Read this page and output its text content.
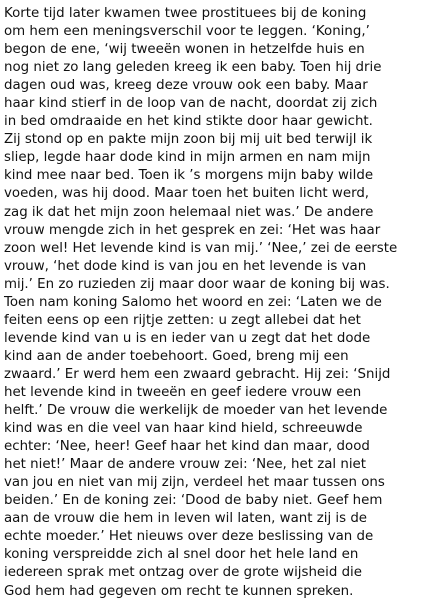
Korte tijd later kwamen twee prostituees bij de koning
om hem een meningsverschil voor te leggen. ‘Koning,’
begon de ene, ‘wij tweeën wonen in hetzelfde huis en
nog niet zo lang geleden kreeg ik een baby. Toen hij drie
dagen oud was, kreeg deze vrouw ook een baby. Maar
haar kind stierf in de loop van de nacht, doordat zij zich
in bed omdraaide en het kind stikte door haar gewicht.
Zij stond op en pakte mijn zoon bij mij uit bed terwijl ik
sliep, legde haar dode kind in mijn armen en nam mijn
kind mee naar bed. Toen ik ’s morgens mijn baby wilde
voeden, was hij dood. Maar toen het buiten licht werd,
zag ik dat het mijn zoon helemaal niet was.’ De andere
vrouw mengde zich in het gesprek en zei: ‘Het was haar
zoon wel! Het levende kind is van mij.’ ‘Nee,’ zei de eerste
vrouw, ‘het dode kind is van jou en het levende is van
mij.’ En zo ruzieden zij maar door waar de koning bij was.
Toen nam koning Salomo het woord en zei: ‘Laten we de
feiten eens op een rijtje zetten: u zegt allebei dat het
levende kind van u is en ieder van u zegt dat het dode
kind aan de ander toebehoort. Goed, breng mij een
zwaard.’ Er werd hem een zwaard gebracht. Hij zei: ‘Snijd
het levende kind in tweeën en geef iedere vrouw een
helft.’ De vrouw die werkelijk de moeder van het levende
kind was en die veel van haar kind hield, schreeuwde
echter: ‘Nee, heer! Geef haar het kind dan maar, dood
het niet!’ Maar de andere vrouw zei: ‘Nee, het zal niet
van jou en niet van mij zijn, verdeel het maar tussen ons
beiden.’ En de koning zei: ‘Dood de baby niet. Geef hem
aan de vrouw die hem in leven wil laten, want zij is de
echte moeder.’ Het nieuws over deze beslissing van de
koning verspreidde zich al snel door het hele land en
iedereen sprak met ontzag over de grote wijsheid die
God hem had gegeven om recht te kunnen spreken.
